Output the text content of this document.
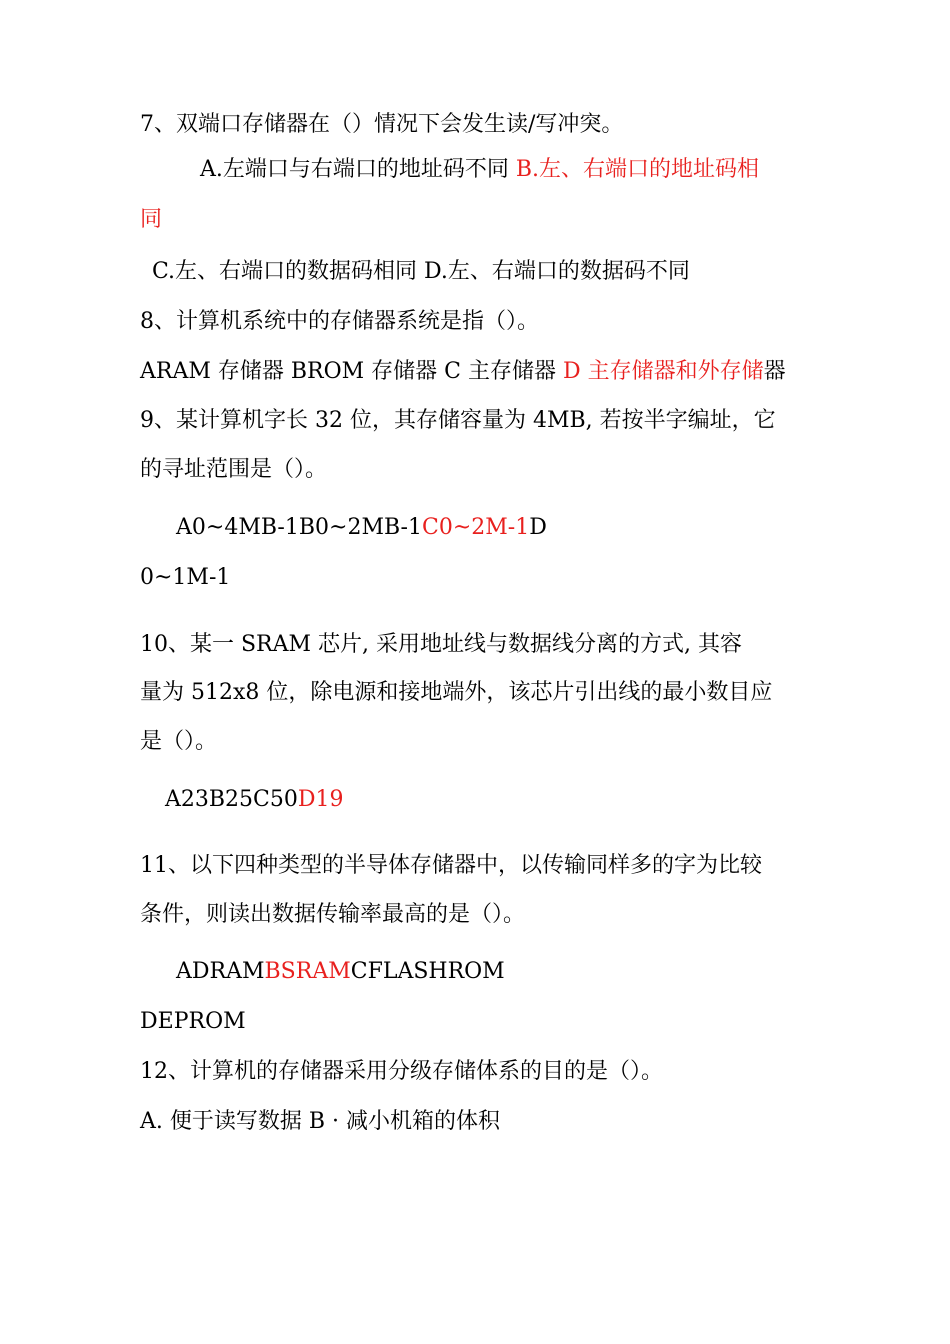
7、双端口存储器在（）情况下会发生读/写冲突。
A.左端口与右端口的地址码不同 B.左、右端口的地址码相
同
C.左、右端口的数据码相同 D.左、右端口的数据码不同
8、计算机系统中的存储器系统是指（）。
ARAM 存储器 BROM 存储器 C 主存储器 D 主存储器和外存储器
9、某计算机字长 32 位，其存储容量为 4MB, 若按半字编址，它
的寻址范围是（）。
A0~4MB-1B0~2MB-1C0~2M-1D
0~1M-1
10、某一 SRAM 芯片, 采用地址线与数据线分离的方式, 其容
量为 512x8 位，除电源和接地端外，该芯片引出线的最小数目应
是（）。
A23B25C50D19
11、以下四种类型的半导体存储器中，以传输同样多的字为比较
条件，则读出数据传输率最高的是（）。
ADRAMBSRAMCFLASHROM
DEPROM
12、计算机的存储器采用分级存储体系的目的是（）。
A. 便于读写数据 B · 减小机箱的体积
